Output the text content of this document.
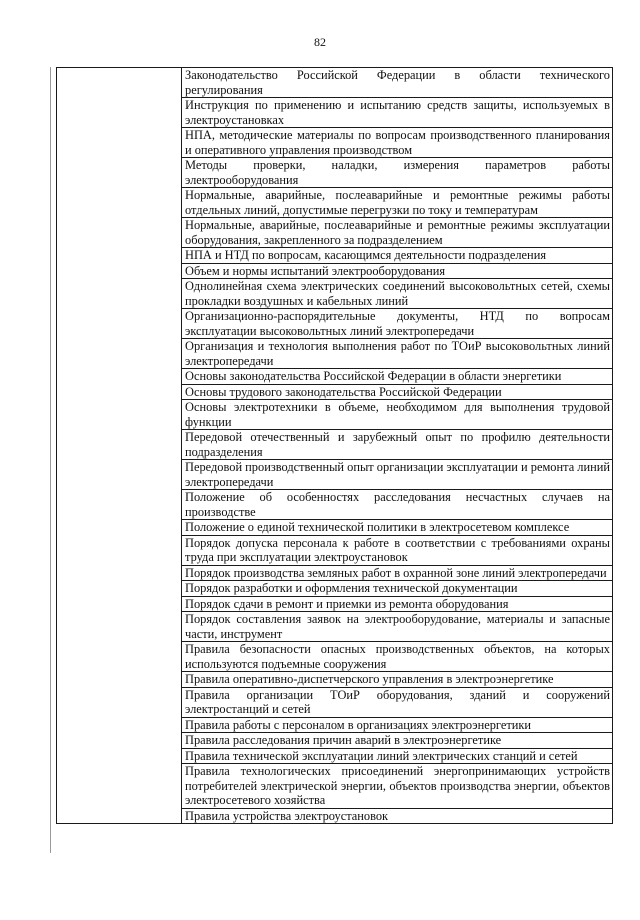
82
	Законодательство Российской Федерации в области технического регулирования
Инструкция по применению и испытанию средств защиты, используемых в электроустановках
НПА, методические материалы по вопросам производственного планирования и оперативного управления производством
Методы проверки, наладки, измерения параметров работы электрооборудования
Нормальные, аварийные, послеаварийные и ремонтные режимы работы отдельных линий, допустимые перегрузки по току и температурам
Нормальные, аварийные, послеаварийные и ремонтные режимы эксплуатации оборудования, закрепленного за подразделением
НПА и НТД по вопросам, касающимся деятельности подразделения
Объем и нормы испытаний электрооборудования
Однолинейная схема электрических соединений высоковольтных сетей, схемы прокладки воздушных и кабельных линий
Организационно-распорядительные документы, НТД по вопросам эксплуатации высоковольтных линий электропередачи
Организация и технология выполнения работ по ТОиР высоковольтных линий электропередачи
Основы законодательства Российской Федерации в области энергетики
Основы трудового законодательства Российской Федерации
Основы электротехники в объеме, необходимом для выполнения трудовой функции
Передовой отечественный и зарубежный опыт по профилю деятельности подразделения
Передовой производственный опыт организации эксплуатации и ремонта линий электропередачи
Положение об особенностях расследования несчастных случаев на производстве
Положение о единой технической политики в электросетевом комплексе
Порядок допуска персонала к работе в соответствии с требованиями охраны труда при эксплуатации электроустановок
Порядок производства земляных работ в охранной зоне линий электропередачи
Порядок разработки и оформления технической документации
Порядок сдачи в ремонт и приемки из ремонта оборудования
Порядок составления заявок на электрооборудование, материалы и запасные части, инструмент
Правила безопасности опасных производственных объектов, на которых используются подъемные сооружения
Правила оперативно-диспетчерского управления в электроэнергетике
Правила организации ТОиР оборудования, зданий и сооружений электростанций и сетей
Правила работы с персоналом в организациях электроэнергетики
Правила расследования причин аварий в электроэнергетике
Правила технической эксплуатации линий электрических станций и сетей
Правила технологических присоединений энергопринимающих устройств потребителей электрической энергии, объектов производства энергии, объектов электросетевого хозяйства
Правила устройства электроустановок
